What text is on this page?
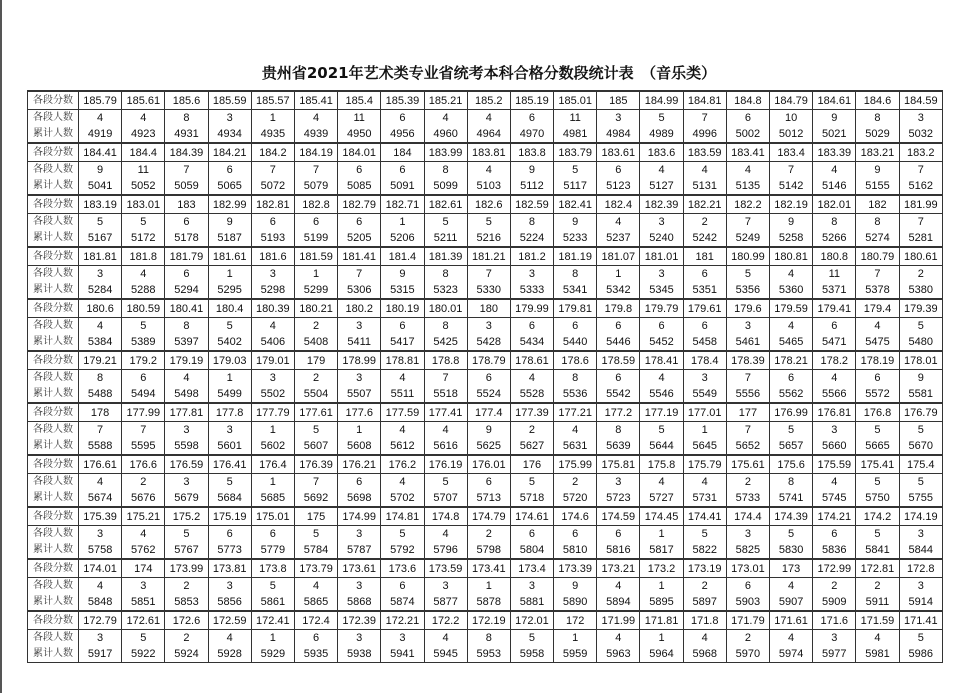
贵州省2021年艺术类专业省统考本科合格分数段统计表　（音乐类）
各段分数	185.79	185.61	185.6	185.59	185.57	185.41	185.4	185.39	185.21	185.2	185.19	185.01	185	184.99	184.81	184.8	184.79	184.61	184.6	184.59
各段人数	4	4	8	3	1	4	11	6	4	4	6	11	3	5	7	6	10	9	8	3
累计人数	4919	4923	4931	4934	4935	4939	4950	4956	4960	4964	4970	4981	4984	4989	4996	5002	5012	5021	5029	5032
各段分数	184.41	184.4	184.39	184.21	184.2	184.19	184.01	184	183.99	183.81	183.8	183.79	183.61	183.6	183.59	183.41	183.4	183.39	183.21	183.2
各段人数	9	11	7	6	7	7	6	6	8	4	9	5	6	4	4	4	7	4	9	7
累计人数	5041	5052	5059	5065	5072	5079	5085	5091	5099	5103	5112	5117	5123	5127	5131	5135	5142	5146	5155	5162
各段分数	183.19	183.01	183	182.99	182.81	182.8	182.79	182.71	182.61	182.6	182.59	182.41	182.4	182.39	182.21	182.2	182.19	182.01	182	181.99
各段人数	5	5	6	9	6	6	6	1	5	5	8	9	4	3	2	7	9	8	8	7
累计人数	5167	5172	5178	5187	5193	5199	5205	5206	5211	5216	5224	5233	5237	5240	5242	5249	5258	5266	5274	5281
各段分数	181.81	181.8	181.79	181.61	181.6	181.59	181.41	181.4	181.39	181.21	181.2	181.19	181.07	181.01	181	180.99	180.81	180.8	180.79	180.61
各段人数	3	4	6	1	3	1	7	9	8	7	3	8	1	3	6	5	4	11	7	2
累计人数	5284	5288	5294	5295	5298	5299	5306	5315	5323	5330	5333	5341	5342	5345	5351	5356	5360	5371	5378	5380
各段分数	180.6	180.59	180.41	180.4	180.39	180.21	180.2	180.19	180.01	180	179.99	179.81	179.8	179.79	179.61	179.6	179.59	179.41	179.4	179.39
各段人数	4	5	8	5	4	2	3	6	8	3	6	6	6	6	6	3	4	6	4	5
累计人数	5384	5389	5397	5402	5406	5408	5411	5417	5425	5428	5434	5440	5446	5452	5458	5461	5465	5471	5475	5480
各段分数	179.21	179.2	179.19	179.03	179.01	179	178.99	178.81	178.8	178.79	178.61	178.6	178.59	178.41	178.4	178.39	178.21	178.2	178.19	178.01
各段人数	8	6	4	1	3	2	3	4	7	6	4	8	6	4	3	7	6	4	6	9
累计人数	5488	5494	5498	5499	5502	5504	5507	5511	5518	5524	5528	5536	5542	5546	5549	5556	5562	5566	5572	5581
各段分数	178	177.99	177.81	177.8	177.79	177.61	177.6	177.59	177.41	177.4	177.39	177.21	177.2	177.19	177.01	177	176.99	176.81	176.8	176.79
各段人数	7	7	3	3	1	5	1	4	4	9	2	4	8	5	1	7	5	3	5	5
累计人数	5588	5595	5598	5601	5602	5607	5608	5612	5616	5625	5627	5631	5639	5644	5645	5652	5657	5660	5665	5670
各段分数	176.61	176.6	176.59	176.41	176.4	176.39	176.21	176.2	176.19	176.01	176	175.99	175.81	175.8	175.79	175.61	175.6	175.59	175.41	175.4
各段人数	4	2	3	5	1	7	6	4	5	6	5	2	3	4	4	2	8	4	5	5
累计人数	5674	5676	5679	5684	5685	5692	5698	5702	5707	5713	5718	5720	5723	5727	5731	5733	5741	5745	5750	5755
各段分数	175.39	175.21	175.2	175.19	175.01	175	174.99	174.81	174.8	174.79	174.61	174.6	174.59	174.45	174.41	174.4	174.39	174.21	174.2	174.19
各段人数	3	4	5	6	6	5	3	5	4	2	6	6	6	1	5	3	5	6	5	3
累计人数	5758	5762	5767	5773	5779	5784	5787	5792	5796	5798	5804	5810	5816	5817	5822	5825	5830	5836	5841	5844
各段分数	174.01	174	173.99	173.81	173.8	173.79	173.61	173.6	173.59	173.41	173.4	173.39	173.21	173.2	173.19	173.01	173	172.99	172.81	172.8
各段人数	4	3	2	3	5	4	3	6	3	1	3	9	4	1	2	6	4	2	2	3
累计人数	5848	5851	5853	5856	5861	5865	5868	5874	5877	5878	5881	5890	5894	5895	5897	5903	5907	5909	5911	5914
各段分数	172.79	172.61	172.6	172.59	172.41	172.4	172.39	172.21	172.2	172.19	172.01	172	171.99	171.81	171.8	171.79	171.61	171.6	171.59	171.41
各段人数	3	5	2	4	1	6	3	3	4	8	5	1	4	1	4	2	4	3	4	5
累计人数	5917	5922	5924	5928	5929	5935	5938	5941	5945	5953	5958	5959	5963	5964	5968	5970	5974	5977	5981	5986
